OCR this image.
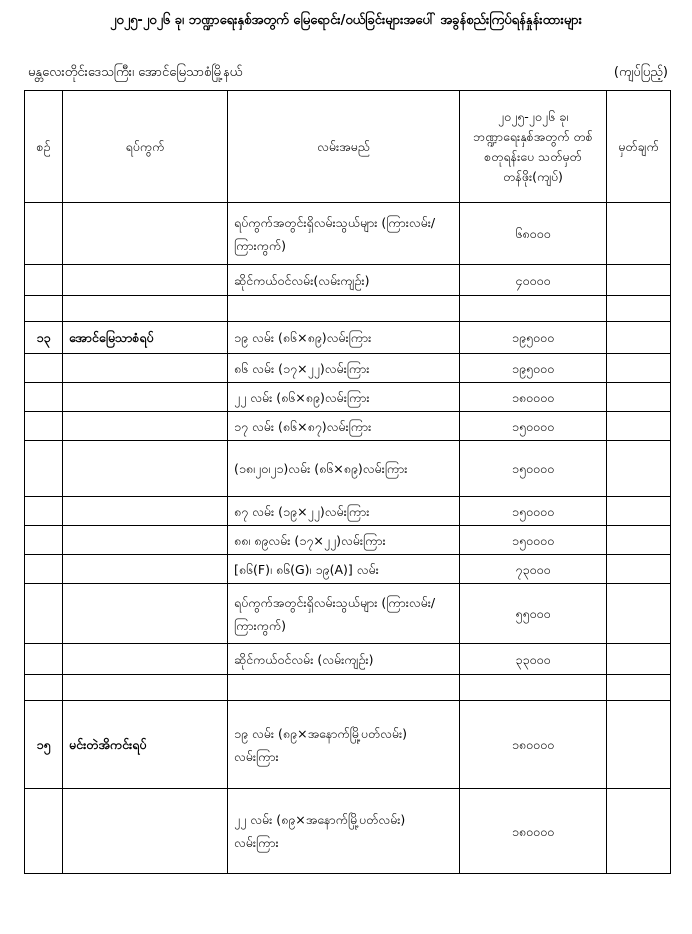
၂၀၂၅-၂၀၂၆ ခု၊ ဘဏ္ဍာရေးနှစ်အတွက် မြေရောင်း/ဝယ်ခြင်းများအပေါ် အခွန်စည်းကြပ်ရန်နှုန်းထားများ
မန္တလေးတိုင်းဒေသကြီး၊ အောင်မြေသာစံမြို့နယ်	(ကျပ်ပြည့်)
စဉ်	ရပ်ကွက်	လမ်းအမည်	၂၀၂၅-၂၀၂၆ ခု၊ ဘဏ္ဍာရေးနှစ်အတွက် တစ်စတုရန်းပေ သတ်မှတ်တန်ဖိုး(ကျပ်)	မှတ်ချက်
		ရပ်ကွက်အတွင်းရှိလမ်းသွယ်များ (ကြားလမ်း/ကြားကွက်)	၆၈၀၀၀	
		ဆိုင်ကယ်ဝင်လမ်း(လမ်းကျဉ်း)	၄၀၀၀၀	

၁၃	အောင်မြေသာစံရပ်	၁၉ လမ်း (၈၆×၈၉)လမ်းကြား	၁၉၅၀၀၀	
		၈၆ လမ်း (၁၇×၂၂)လမ်းကြား	၁၉၅၀၀၀	
		၂၂ လမ်း (၈၆×၈၉)လမ်းကြား	၁၈၀၀၀၀	
		၁၇ လမ်း (၈၆×၈၇)လမ်းကြား	၁၅၀၀၀၀	
		(၁၈၊၂၀၊၂၁)လမ်း (၈၆×၈၉)လမ်းကြား	၁၅၀၀၀၀	
		၈၇ လမ်း (၁၉×၂၂)လမ်းကြား	၁၅၀၀၀၀	
		၈၈၊ ၈၉လမ်း (၁၇×၂၂)လမ်းကြား	၁၅၀၀၀၀	
		[၈၆(F)၊ ၈၆(G)၊ ၁၉(A)] လမ်း	၇၃၀၀၀	
		ရပ်ကွက်အတွင်းရှိလမ်းသွယ်များ (ကြားလမ်း/ကြားကွက်)	၅၅၀၀၀	
		ဆိုင်ကယ်ဝင်လမ်း (လမ်းကျဉ်း)	၃၃၀၀၀	

၁၅	မင်းတဲအိကင်းရပ်	၁၉ လမ်း (၈၉×အနောက်မြို့ပတ်လမ်း) လမ်းကြား	၁၈၀၀၀၀	
		၂၂ လမ်း (၈၉×အနောက်မြို့ပတ်လမ်း) လမ်းကြား	၁၈၀၀၀၀	
